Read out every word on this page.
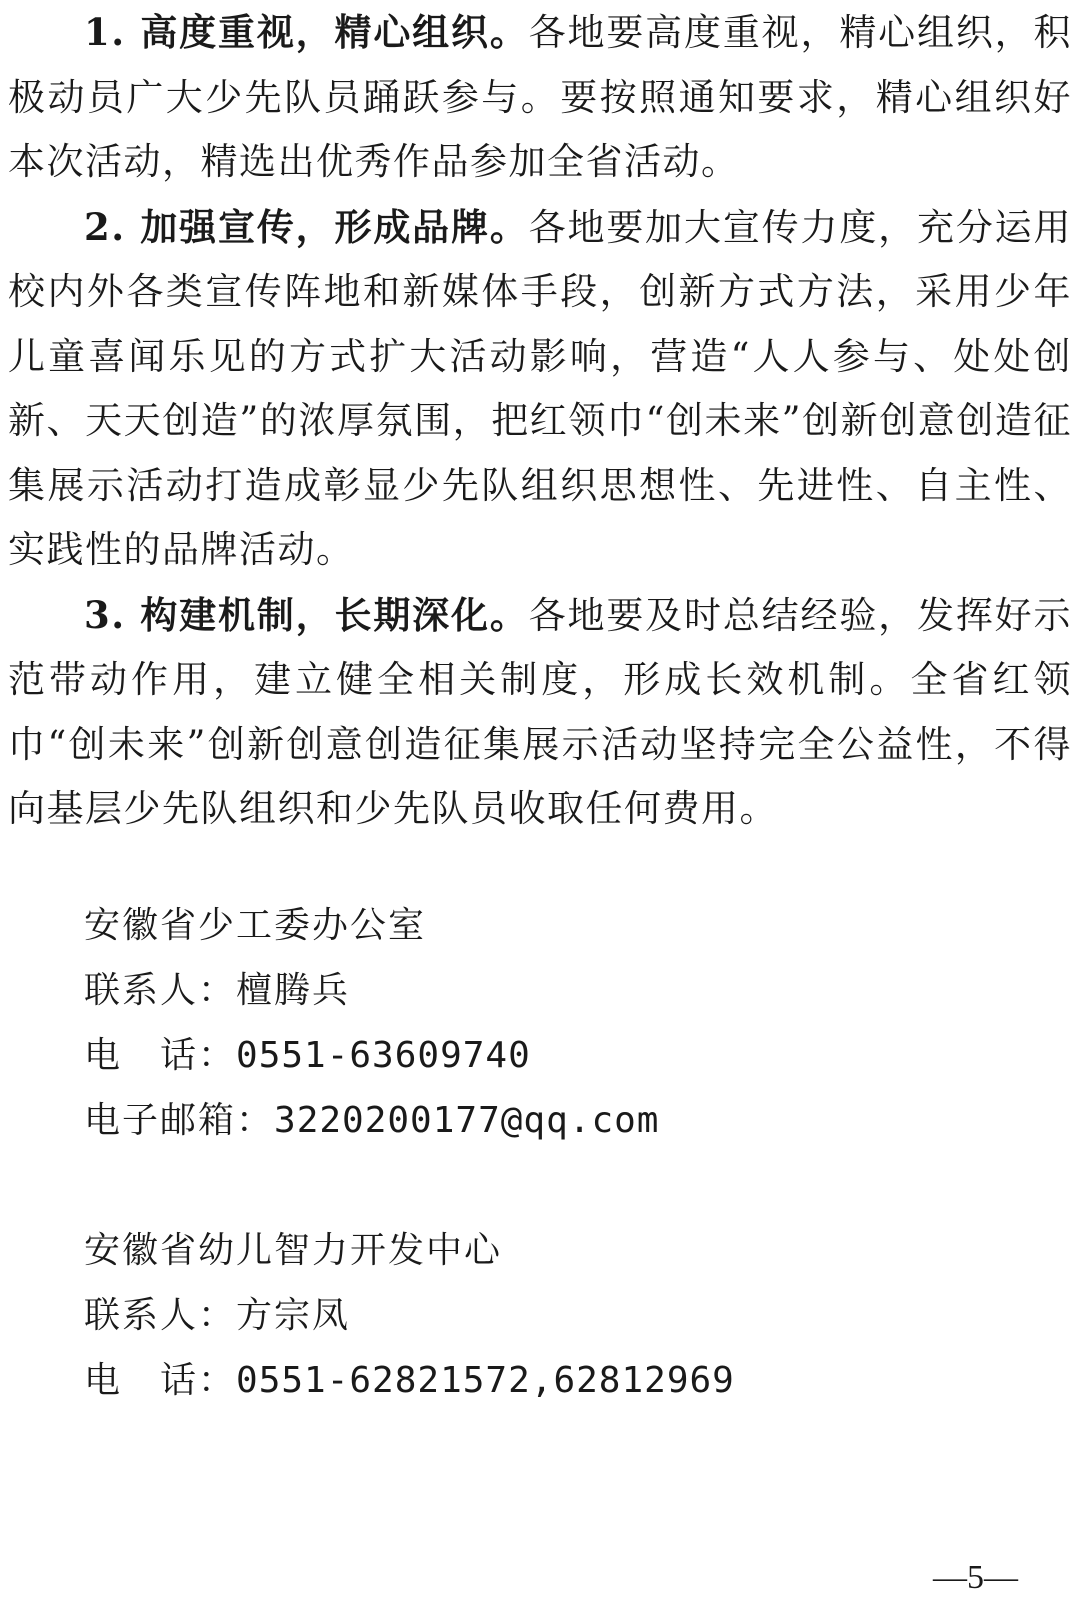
1. 高度重视，精心组织。各地要高度重视，精心组织，积极动员广大少先队员踊跃参与。要按照通知要求，精心组织好本次活动，精选出优秀作品参加全省活动。

2. 加强宣传，形成品牌。各地要加大宣传力度，充分运用校内外各类宣传阵地和新媒体手段，创新方式方法，采用少年儿童喜闻乐见的方式扩大活动影响，营造“人人参与、处处创新、天天创造”的浓厚氛围，把红领巾“创未来”创新创意创造征集展示活动打造成彰显少先队组织思想性、先进性、自主性、实践性的品牌活动。

3. 构建机制，长期深化。各地要及时总结经验，发挥好示范带动作用，建立健全相关制度，形成长效机制。全省红领巾“创未来”创新创意创造征集展示活动坚持完全公益性，不得向基层少先队组织和少先队员收取任何费用。

安徽省少工委办公室
联系人：檀腾兵
电　话：0551-63609740
电子邮箱：3220200177@qq.com
安徽省幼儿智力开发中心
联系人：方宗凤
电　话：0551-62821572,62812969
—5—
